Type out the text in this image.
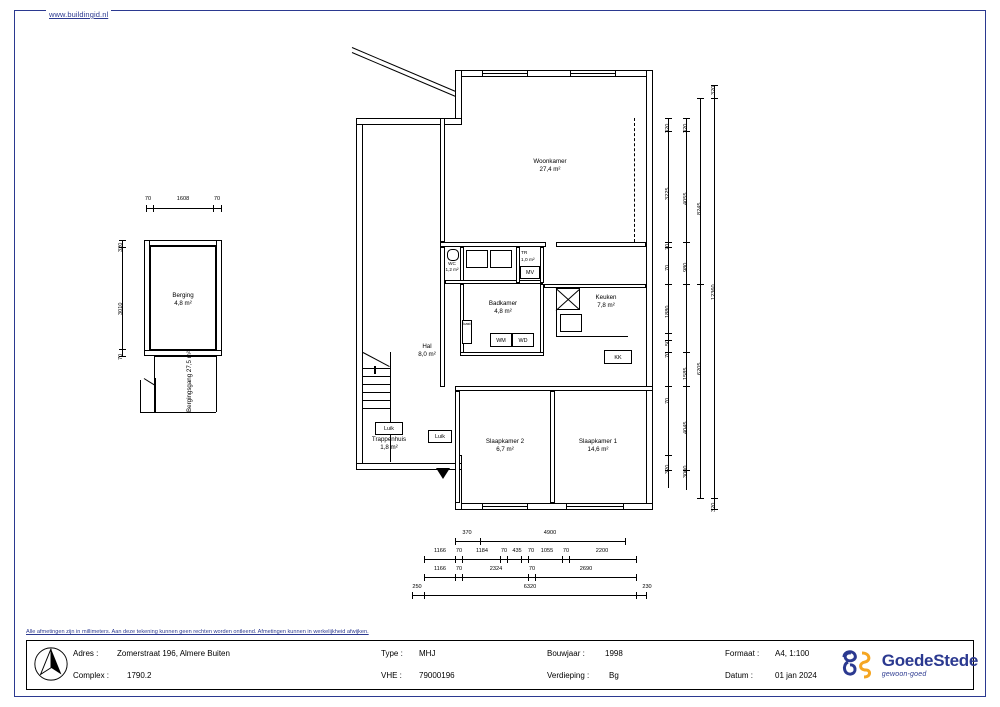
www.buildingid.nl
Berging
4,8 m²
Bergingsgang 27,5 m²
70	1608	70
320
3010
70	KK
WM	WD
kast
MV
Luik
Luik
Woonkamer
27,4 m²
WC
1,2 m²
TR
1,0 m²
Badkamer
4,8 m²
Keuken
7,8 m²
Hal
8,0 m²
Trappenhuis
1,8 m²
Slaapkamer 2
6,7 m²
Slaapkamer 1
14,6 m²
370	4900
1166	70	1184	70 435	70	1055	70	2200
1166	70	2324	70	2690
250	6320	230
320
3225
70
70
1880
50
70
70
320
320
4055
980
1585
4045
3000
8245
6205
12360
320
320
Alle afmetingen zijn in millimeters. Aan deze tekening kunnen geen rechten worden ontleend. Afmetingen kunnen in werkelijkheid afwijken.
Adres : Zomerstraat 196, Almere Buiten
Complex : 1790.2
Type : MHJ
VHE : 79000196
Bouwjaar :	1998
Verdieping : Bg
Formaat : A4, 1:100
Datum :	01 jan 2024
GoedeStede
gewoon-goed
